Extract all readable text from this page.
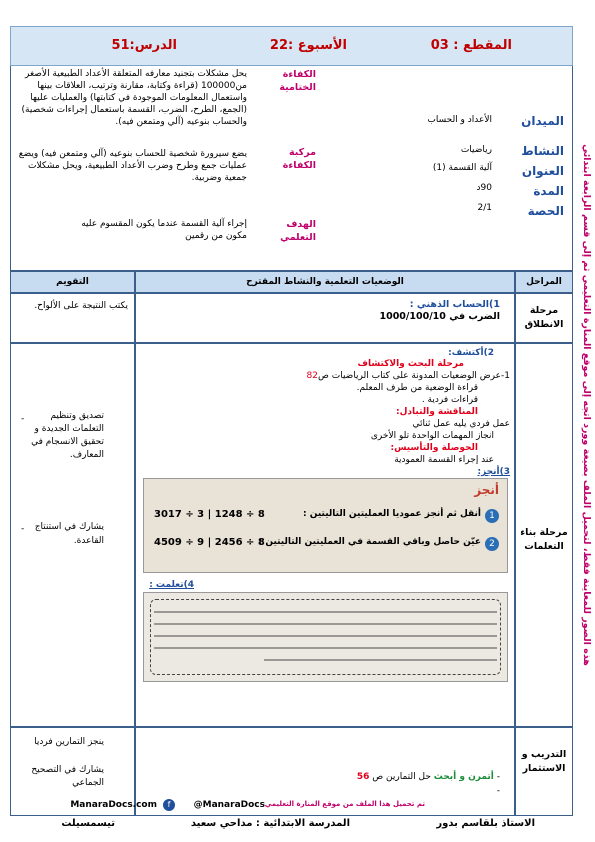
المقطع : 03
الأسبوع :22
الدرس:51
الميدان
النشاط
العنوان
المدة
الحصة
الأعداد و الحساب
رياضيات
آلية القسمة (1)
90د
2/1
الكفاءة الختامية
مركبة الكفاءة
الهدف التعلمي
يحل مشكلات بتجنيد معارفه المتعلقة الأعداد الطبيعية الأصغر من100000 (قراءة وكتابة، مقارنة وترتيب، العلاقات بينها واستعمال المعلومات الموجودة في كتابتها) والعمليات عليها (الجمع، الطرح، الضرب، القسمة باستعمال إجراءات شخصية) والحساب بنوعيه (آلي ومتمعن فيه).
يضع سيرورة شخصية للحساب بنوعيه (آلي ومتمعن فيه) ويضع عمليات جمع وطرح وضرب الأعداد الطبيعية، ويحل مشكلات جمعية وضربية.
إجراء آلية القسمة عندما يكون المقسوم عليه مكون من رقمين
المراحل
الوضعيات التعلمية والنشاط المقترح
التقويم
مرحلة الانطلاق
1)الحساب الذهني :
الضرب في 1000/100/10
يكتب النتيجة على الألواح.
مرحلة بناء التعلمات
2)أكتشف:
مرحلة البحث والاكتشاف
1-عرض الوضعيات المدونة على كتاب الرياضيات ص82
قراءة الوضعية من طرف المعلم.
قراءات فردية .
المناقشة والتبادل:
عمل فردي يليه عمل ثنائي
انجاز المهمات الواحدة تلو الأخرى
الحوصلة والتأسيس:
عند إجراء القسمة العمودية
3)أنجز:
أنجز
1
أنقل ثم أنجز عموديا العمليتين التاليتين :
3017 ÷ 3 | 1248 ÷ 8
2
عيّن حاصل وباقي القسمة في العمليتين التاليتين :
4509 ÷ 9 | 2456 ÷ 8
4)تعلمت :
-	تصديق وتنظيم التعلمات الجديدة و تحقيق الانسجام في المعارف.
-	يشارك في استنتاج القاعدة.
التدريب و الاستثمار
- أتمرن و أبحث حل التمارين ص 56
-
ينجز التمارين فرديا
يشارك في التصحيح الجماعي
هذه الصور للمعاينة فقط، لتحميل الملف بصيغة وورد اتجه إلى موقع المنارة التعليمي ثم إلى قسم الرابعة ابتدائي
تم تحميل هذا الملف من موقع المنارة التعليمي
@ManaraDocs
f
ManaraDocs.com
الاستاذ بلقاسم بدور
المدرسة الابتدائية : مداحي سعيد
تيسمسيلت
